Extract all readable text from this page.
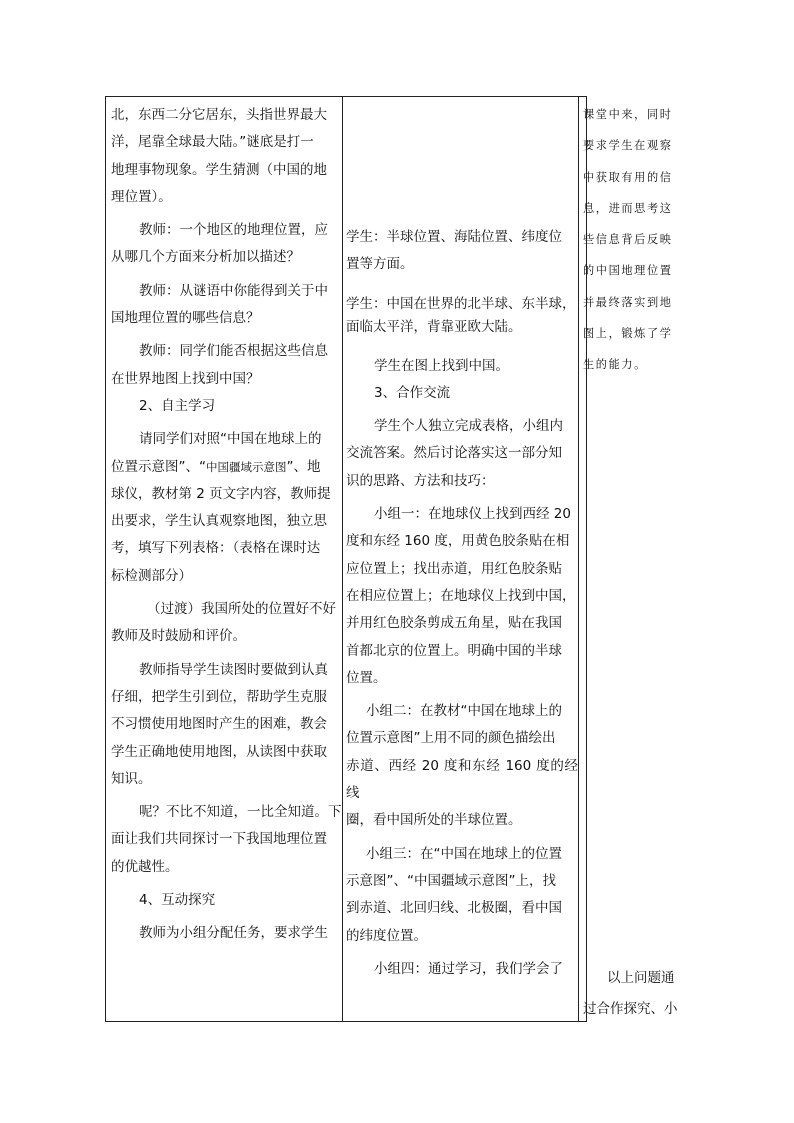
北，东西二分它居东，头指世界最大
洋，尾靠全球最大陆。”谜底是打一
地理事物现象。学生猜测（中国的地
理位置）。

教师：一个地区的地理位置，应
从哪几个方面来分析加以描述？

教师：从谜语中你能得到关于中
国地理位置的哪些信息？

教师：同学们能否根据这些信息
在世界地图上找到中国？

2、自主学习

请同学们对照“中国在地球上的
位置示意图”、“中国疆域示意图”、地
球仪，教材第 2 页文字内容，教师提
出要求，学生认真观察地图，独立思
考，填写下列表格：（表格在课时达
标检测部分）

（过渡）我国所处的位置好不好
教师及时鼓励和评价。

教师指导学生读图时要做到认真
仔细，把学生引到位，帮助学生克服
不习惯使用地图时产生的困难，教会
学生正确地使用地图，从读图中获取
知识。

呢？不比不知道，一比全知道。下
面让我们共同探讨一下我国地理位置
的优越性。

4、互动探究

教师为小组分配任务，要求学生

学生：半球位置、海陆位置、纬度位
置等方面。

学生：中国在世界的北半球、东半球，
面临太平洋，背靠亚欧大陆。

学生在图上找到中国。

3、合作交流

学生个人独立完成表格，小组内
交流答案。然后讨论落实这一部分知
识的思路、方法和技巧：

小组一：在地球仪上找到西经 20
度和东经 160 度，用黄色胶条贴在相
应位置上；找出赤道，用红色胶条贴
在相应位置上；在地球仪上找到中国，
并用红色胶条剪成五角星，贴在我国
首都北京的位置上。明确中国的半球
位置。

小组二：在教材“中国在地球上的
位置示意图”上用不同的颜色描绘出
赤道、西经 20 度和东经 160 度的经线
圈，看中国所处的半球位置。

小组三：在“中国在地球上的位置
示意图”、“中国疆域示意图”上，找
到赤道、北回归线、北极圈，看中国
的纬度位置。

小组四：通过学习，我们学会了

课堂中来，同时

要求学生在观察

中获取有用的信

息，进而思考这

些信息背后反映

的中国地理位置

并最终落实到地

图上，锻炼了学

生的能力。

以上问题通

过合作探究、小
